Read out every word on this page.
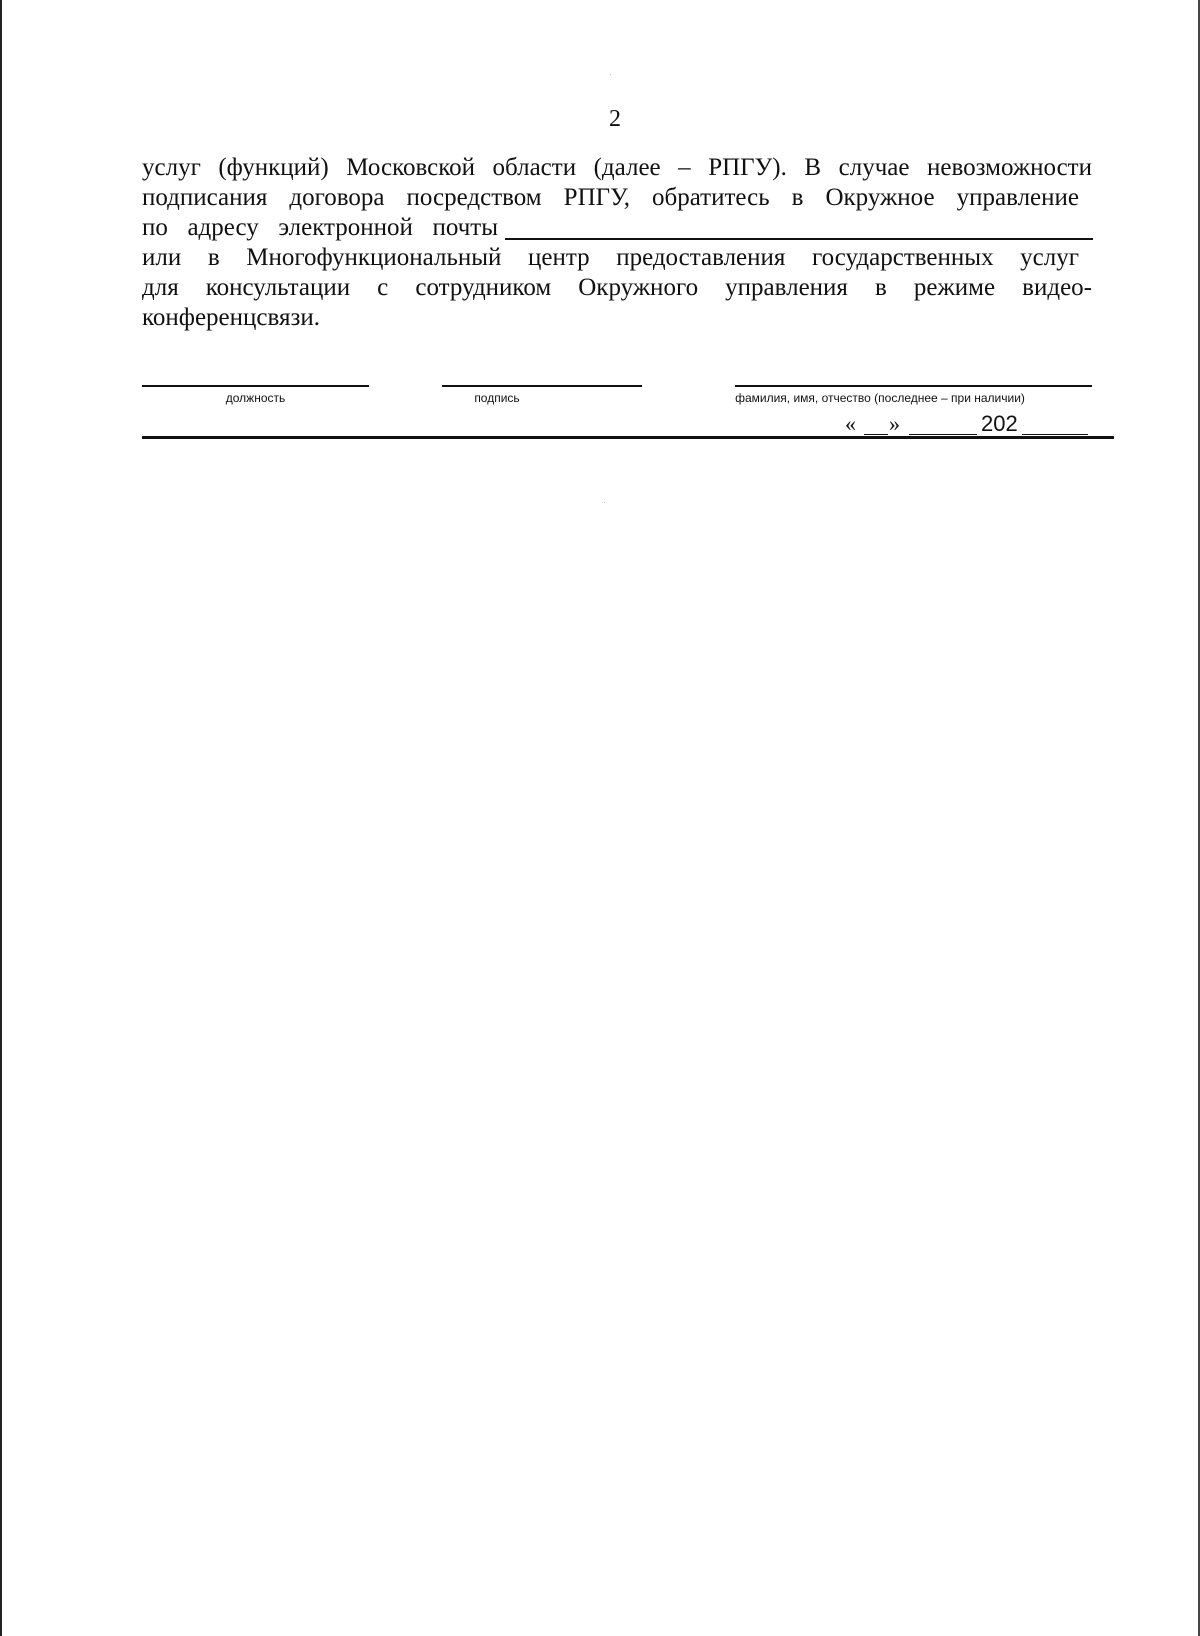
2
услуг (функций) Московской области (далее – РПГУ). В случае невозможности
подписания договора посредством РПГУ, обратитесь в Окружное управление
по адресу электронной почты
или в Многофункциональный центр предоставления государственных услуг
для консультации с сотрудником Окружного управления в режиме видео-
конференцсвязи.
должность	подпись	фамилия, имя, отчество (последнее – при наличии)
« »	202
